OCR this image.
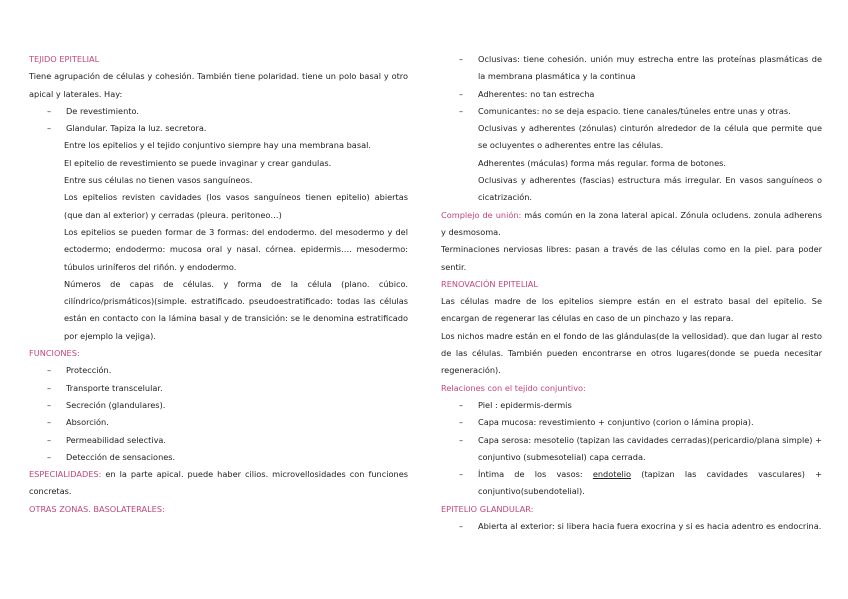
TEJIDO EPITELIAL

Tiene agrupación de células y cohesión. También tiene polaridad. tiene un polo basal y otro apical y laterales. Hay:

– De revestimiento.

– Glandular. Tapiza la luz. secretora.

Entre los epitelios y el tejido conjuntivo siempre hay una membrana basal.

El epitelio de revestimiento se puede invaginar y crear gandulas.

Entre sus células no tienen vasos sanguíneos.

Los epitelios revisten cavidades (los vasos sanguíneos tienen epitelio) abiertas (que dan al exterior) y cerradas (pleura. peritoneo…)

Los epitelios se pueden formar de 3 formas: del endodermo. del mesodermo y del ectodermo; endodermo: mucosa oral y nasal. córnea. epidermis…. mesodermo: túbulos uriníferos del riñón. y endodermo.

Números de capas de células. y forma de la célula (plano. cúbico. cilíndrico/prismáticos)(simple. estratificado. pseudoestratificado: todas las células están en contacto con la lámina basal y de transición: se le denomina estratificado por ejemplo la vejiga).

FUNCIONES:

– Protección.

– Transporte transcelular.

– Secreción (glandulares).

– Absorción.

– Permeabilidad selectiva.

– Detección de sensaciones.

ESPECIALIDADES: en la parte apical. puede haber cilios. microvellosidades con funciones concretas.

OTRAS ZONAS. BASOLATERALES:

– Oclusivas: tiene cohesión. unión muy estrecha entre las proteínas plasmáticas de la membrana plasmática y la continua

– Adherentes: no tan estrecha

– Comunicantes: no se deja espacio. tiene canales/túneles entre unas y otras.

Oclusivas y adherentes (zónulas) cinturón alrededor de la célula que permite que se ocluyentes o adherentes entre las células.

Adherentes (máculas) forma más regular. forma de botones.

Oclusivas y adherentes (fascias) estructura más irregular. En vasos sanguíneos o cicatrización.

Complejo de unión: más común en la zona lateral apical. Zónula ocludens. zonula adherens y desmosoma.

Terminaciones nerviosas libres: pasan a través de las células como en la piel. para poder sentir.

RENOVACIÓN EPITELIAL

Las células madre de los epitelios siempre están en el estrato basal del epitelio. Se encargan de regenerar las células en caso de un pinchazo y las repara.

Los nichos madre están en el fondo de las glándulas(de la vellosidad). que dan lugar al resto de las células. También pueden encontrarse en otros lugares(donde se pueda necesitar regeneración).

Relaciones con el tejido conjuntivo:

– Piel : epidermis-dermis

– Capa mucosa: revestimiento + conjuntivo (corion o lámina propia).

– Capa serosa: mesotelio (tapizan las cavidades cerradas)(pericardio/plana simple) + conjuntivo (submesotelial) capa cerrada.

– Íntima de los vasos: endotelio (tapizan las cavidades vasculares) + conjuntivo(subendotelial).

EPITELIO GLANDULAR:

– Abierta al exterior: si libera hacia fuera exocrina y si es hacia adentro es endocrina.
